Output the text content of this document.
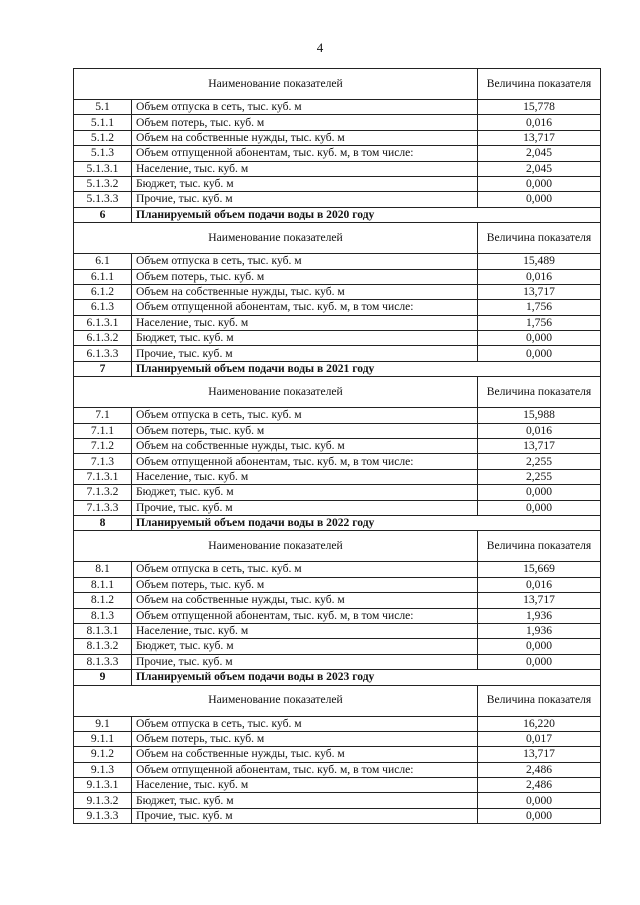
4
Наименование показателей		Величина показателя
5.1	Объем отпуска в сеть, тыс. куб. м	15,778
5.1.1	Объем потерь, тыс. куб. м	0,016
5.1.2	Объем на собственные нужды, тыс. куб. м	13,717
5.1.3	Объем отпущенной абонентам, тыс. куб. м, в том числе:	2,045
5.1.3.1	Население, тыс. куб. м	2,045
5.1.3.2	Бюджет, тыс. куб. м	0,000
5.1.3.3	Прочие, тыс. куб. м	0,000
6	Планируемый объем подачи воды в 2020 году	
Наименование показателей		Величина показателя
6.1	Объем отпуска в сеть, тыс. куб. м	15,489
6.1.1	Объем потерь, тыс. куб. м	0,016
6.1.2	Объем на собственные нужды, тыс. куб. м	13,717
6.1.3	Объем отпущенной абонентам, тыс. куб. м, в том числе:	1,756
6.1.3.1	Население, тыс. куб. м	1,756
6.1.3.2	Бюджет, тыс. куб. м	0,000
6.1.3.3	Прочие, тыс. куб. м	0,000
7	Планируемый объем подачи воды в 2021 году	
Наименование показателей		Величина показателя
7.1	Объем отпуска в сеть, тыс. куб. м	15,988
7.1.1	Объем потерь, тыс. куб. м	0,016
7.1.2	Объем на собственные нужды, тыс. куб. м	13,717
7.1.3	Объем отпущенной абонентам, тыс. куб. м, в том числе:	2,255
7.1.3.1	Население, тыс. куб. м	2,255
7.1.3.2	Бюджет, тыс. куб. м	0,000
7.1.3.3	Прочие, тыс. куб. м	0,000
8	Планируемый объем подачи воды в 2022 году	
Наименование показателей		Величина показателя
8.1	Объем отпуска в сеть, тыс. куб. м	15,669
8.1.1	Объем потерь, тыс. куб. м	0,016
8.1.2	Объем на собственные нужды, тыс. куб. м	13,717
8.1.3	Объем отпущенной абонентам, тыс. куб. м, в том числе:	1,936
8.1.3.1	Население, тыс. куб. м	1,936
8.1.3.2	Бюджет, тыс. куб. м	0,000
8.1.3.3	Прочие, тыс. куб. м	0,000
9	Планируемый объем подачи воды в 2023 году	
Наименование показателей		Величина показателя
9.1	Объем отпуска в сеть, тыс. куб. м	16,220
9.1.1	Объем потерь, тыс. куб. м	0,017
9.1.2	Объем на собственные нужды, тыс. куб. м	13,717
9.1.3	Объем отпущенной абонентам, тыс. куб. м, в том числе:	2,486
9.1.3.1	Население, тыс. куб. м	2,486
9.1.3.2	Бюджет, тыс. куб. м	0,000
9.1.3.3	Прочие, тыс. куб. м	0,000
